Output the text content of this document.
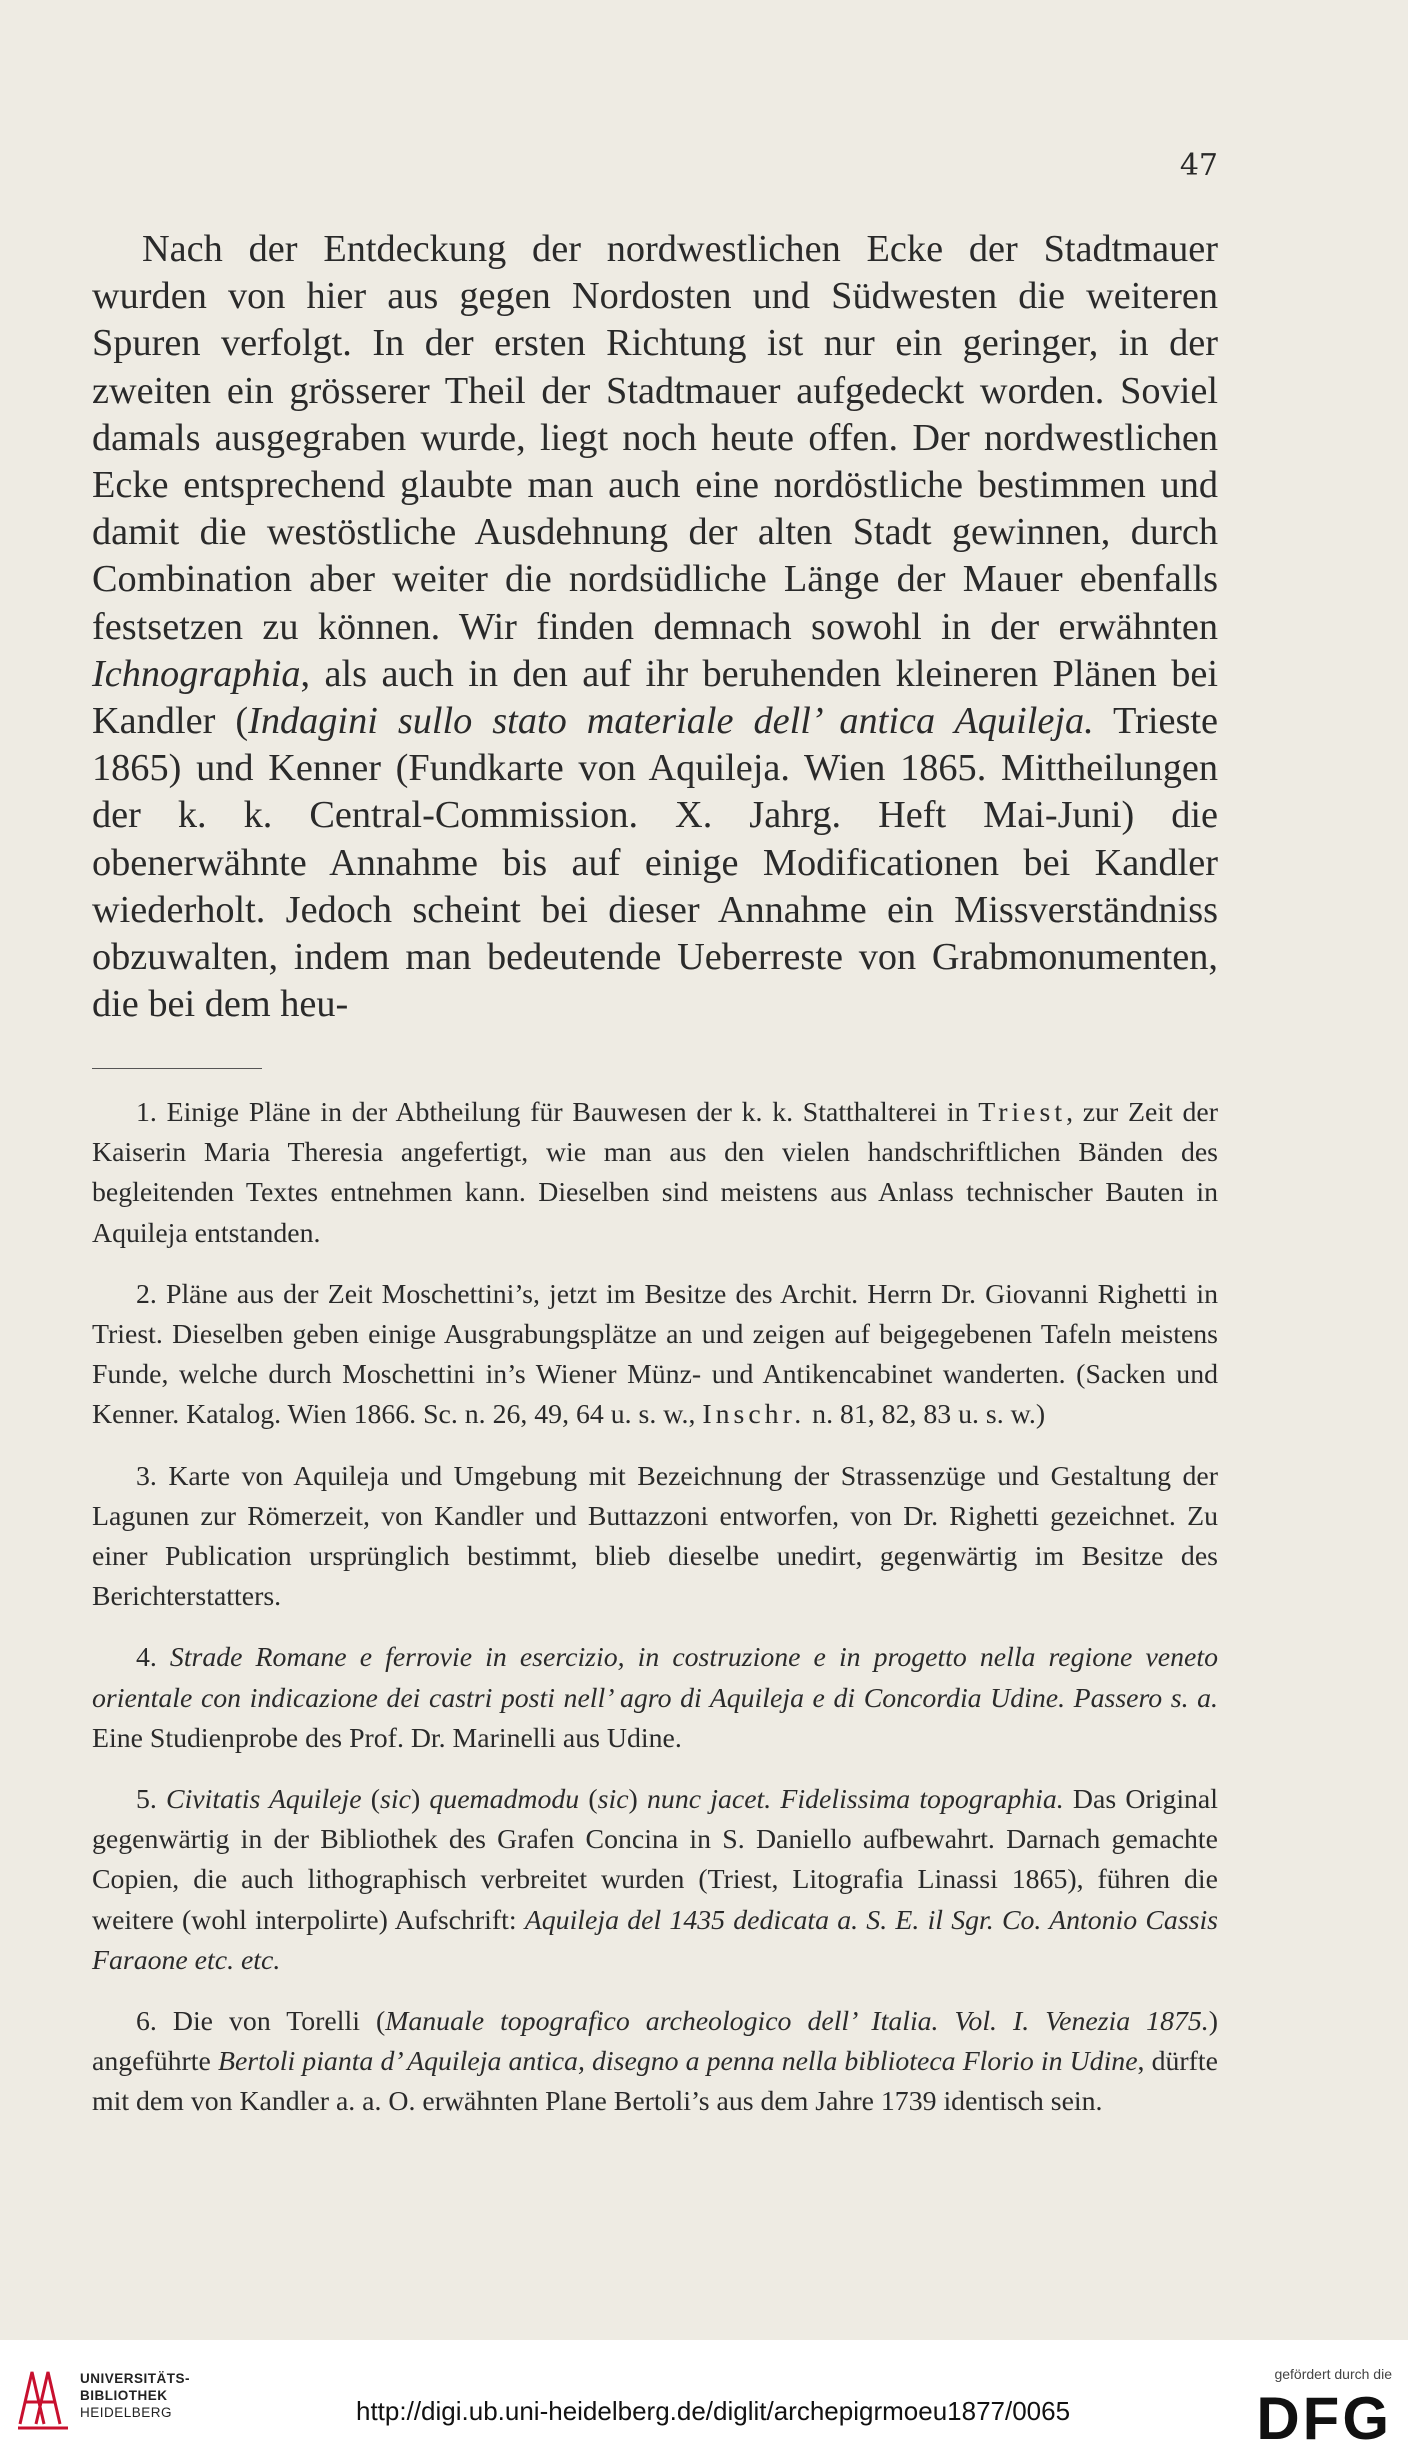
47

Nach der Entdeckung der nordwestlichen Ecke der Stadtmauer wurden von hier aus gegen Nordosten und Südwesten die weiteren Spuren verfolgt. In der ersten Richtung ist nur ein geringer, in der zweiten ein grösserer Theil der Stadtmauer aufgedeckt worden. Soviel damals ausgegraben wurde, liegt noch heute offen. Der nordwestlichen Ecke entsprechend glaubte man auch eine nordöstliche bestimmen und damit die westöstliche Ausdehnung der alten Stadt gewinnen, durch Combination aber weiter die nordsüdliche Länge der Mauer ebenfalls festsetzen zu können. Wir finden demnach sowohl in der erwähnten Ichnographia, als auch in den auf ihr beruhenden kleineren Plänen bei Kandler (Indagini sullo stato materiale dell’ antica Aquileja. Trieste 1865) und Kenner (Fundkarte von Aquileja. Wien 1865. Mittheilungen der k. k. Central-Commission. X. Jahrg. Heft Mai-Juni) die obenerwähnte Annahme bis auf einige Modificationen bei Kandler wiederholt. Jedoch scheint bei dieser Annahme ein Missverständniss obzuwalten, indem man bedeutende Ueberreste von Grabmonumenten, die bei dem heu-

1. Einige Pläne in der Abtheilung für Bauwesen der k. k. Statthalterei in Triest, zur Zeit der Kaiserin Maria Theresia angefertigt, wie man aus den vielen handschriftlichen Bänden des begleitenden Textes entnehmen kann. Dieselben sind meistens aus Anlass technischer Bauten in Aquileja entstanden.

2. Pläne aus der Zeit Moschettini’s, jetzt im Besitze des Archit. Herrn Dr. Giovanni Righetti in Triest. Dieselben geben einige Ausgrabungsplätze an und zeigen auf beigegebenen Tafeln meistens Funde, welche durch Moschettini in’s Wiener Münz- und Antikencabinet wanderten. (Sacken und Kenner. Katalog. Wien 1866. Sc. n. 26, 49, 64 u. s. w., Inschr. n. 81, 82, 83 u. s. w.)

3. Karte von Aquileja und Umgebung mit Bezeichnung der Strassenzüge und Gestaltung der Lagunen zur Römerzeit, von Kandler und Buttazzoni entworfen, von Dr. Righetti gezeichnet. Zu einer Publication ursprünglich bestimmt, blieb dieselbe unedirt, gegenwärtig im Besitze des Berichterstatters.

4. Strade Romane e ferrovie in esercizio, in costruzione e in progetto nella regione veneto orientale con indicazione dei castri posti nell’ agro di Aquileja e di Concordia Udine. Passero s. a. Eine Studienprobe des Prof. Dr. Marinelli aus Udine.

5. Civitatis Aquileje (sic) quemadmodu (sic) nunc jacet. Fidelissima topographia. Das Original gegenwärtig in der Bibliothek des Grafen Concina in S. Daniello aufbewahrt. Darnach gemachte Copien, die auch lithographisch verbreitet wurden (Triest, Litografia Linassi 1865), führen die weitere (wohl interpolirte) Aufschrift: Aquileja del 1435 dedicata a. S. E. il Sgr. Co. Antonio Cassis Faraone etc. etc.

6. Die von Torelli (Manuale topografico archeologico dell’ Italia. Vol. I. Venezia 1875.) angeführte Bertoli pianta d’ Aquileja antica, disegno a penna nella biblioteca Florio in Udine, dürfte mit dem von Kandler a. a. O. erwähnten Plane Bertoli’s aus dem Jahre 1739 identisch sein.

UNIVERSITÄTS-
BIBLIOTHEK
HEIDELBERG	http://digi.ub.uni-heidelberg.de/diglit/archepigrmoeu1877/0065
gefördert durch die
DFG
